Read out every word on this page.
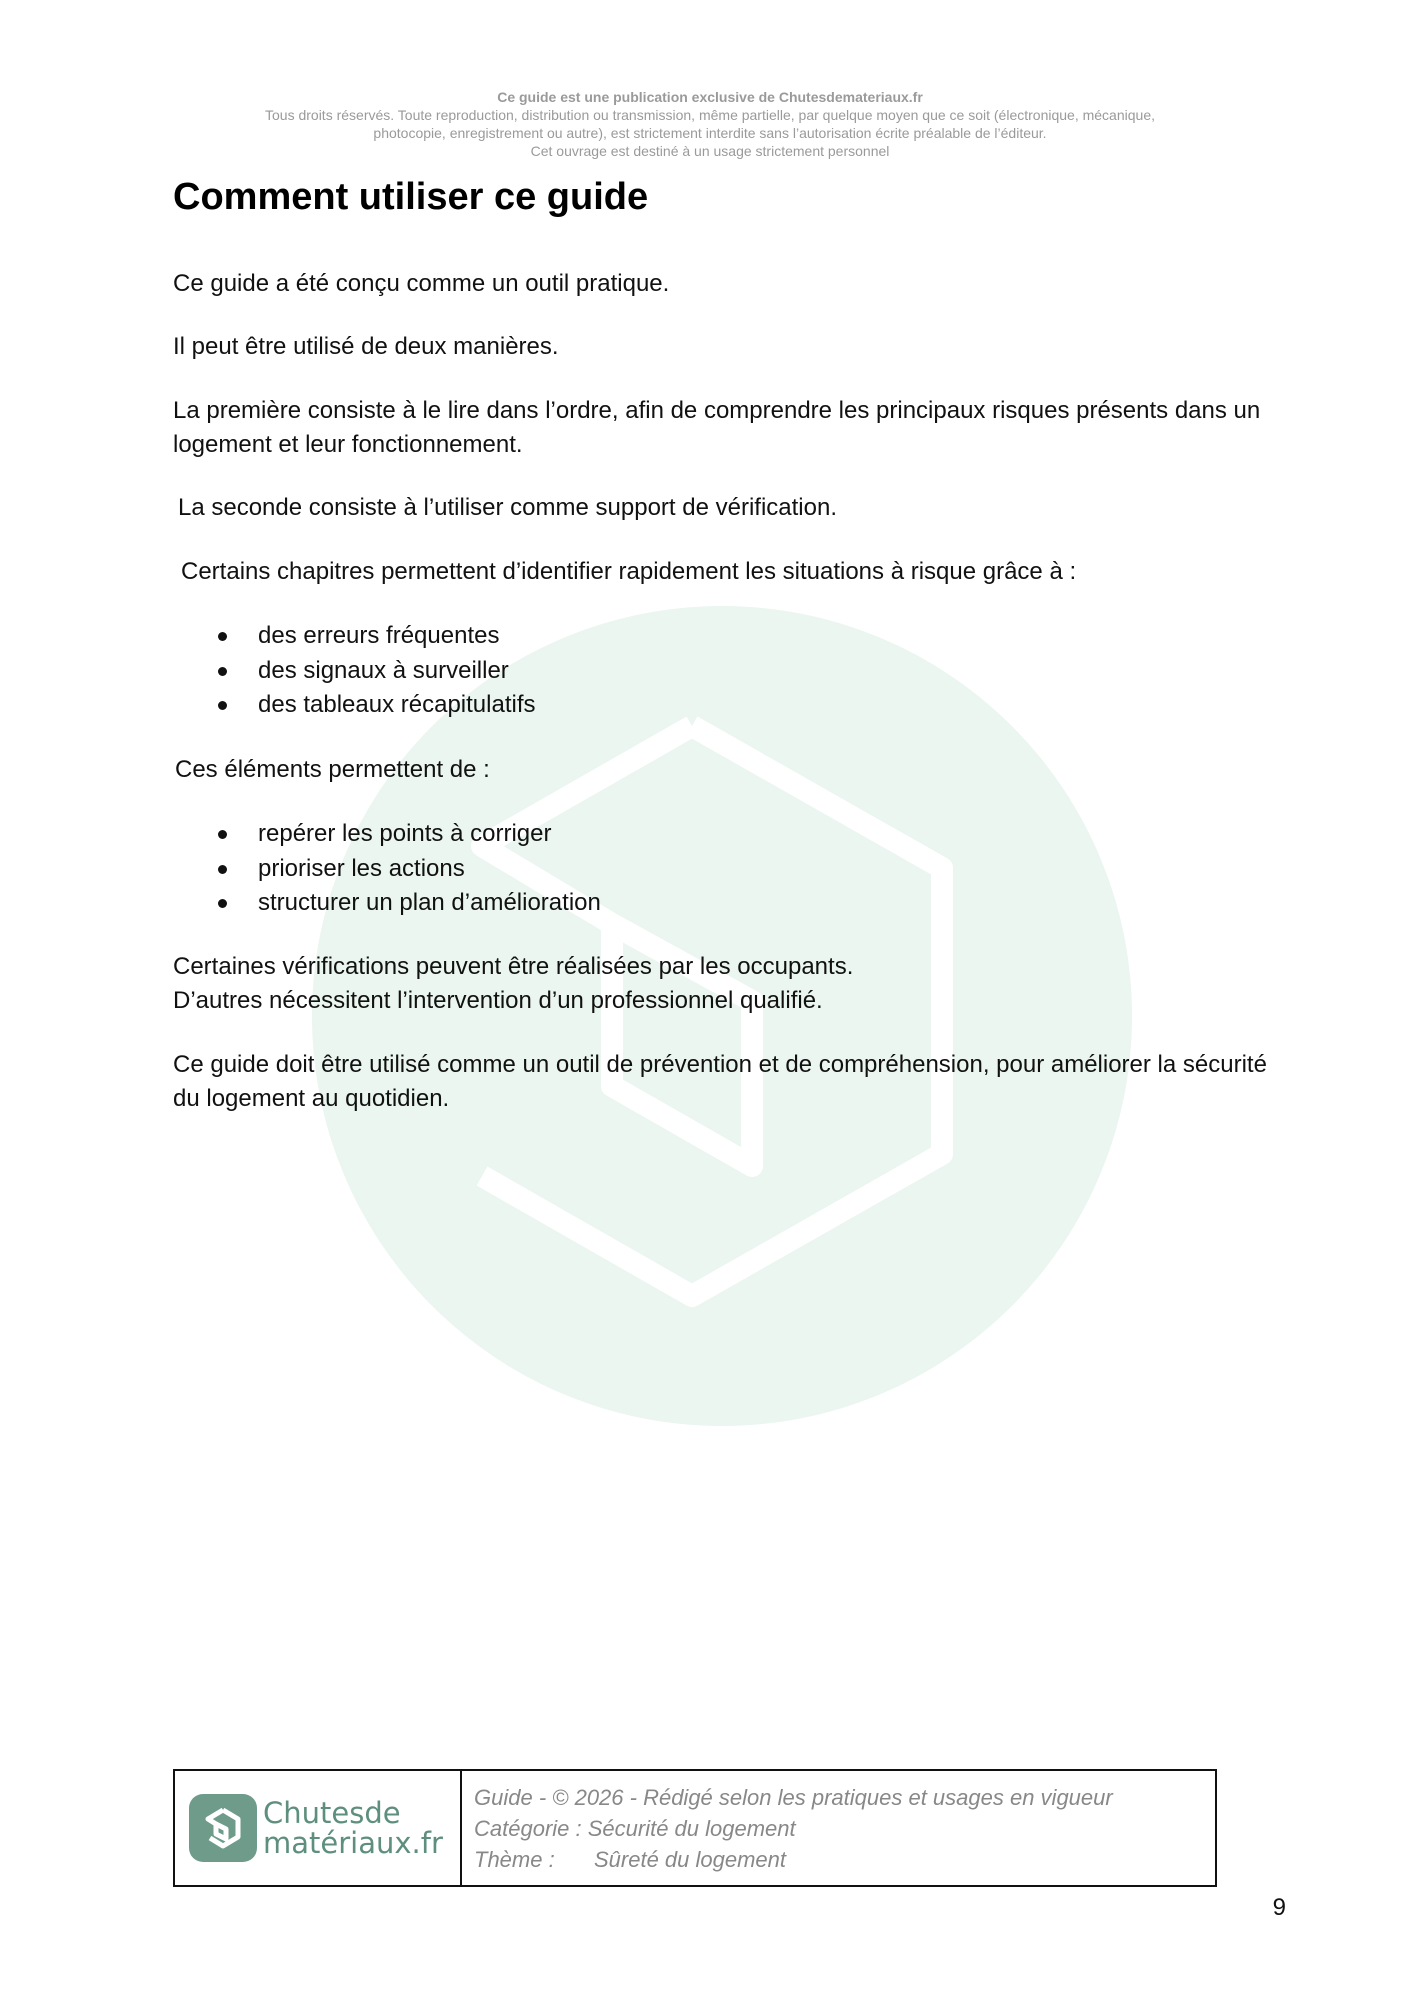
Ce guide est une publication exclusive de Chutesdemateriaux.fr

Tous droits réservés. Toute reproduction, distribution ou transmission, même partielle, par quelque moyen que ce soit (électronique, mécanique,

photocopie, enregistrement ou autre), est strictement interdite sans l’autorisation écrite préalable de l’éditeur.

Cet ouvrage est destiné à un usage strictement personnel

Comment utiliser ce guide

Ce guide a été conçu comme un outil pratique.

Il peut être utilisé de deux manières.

La première consiste à le lire dans l’ordre, afin de comprendre les principaux risques présents dans un logement et leur fonctionnement.

La seconde consiste à l’utiliser comme support de vérification.

Certains chapitres permettent d’identifier rapidement les situations à risque grâce à :

des erreurs fréquentes
des signaux à surveiller
des tableaux récapitulatifs

Ces éléments permettent de :

repérer les points à corriger
prioriser les actions
structurer un plan d’amélioration

Certaines vérifications peuvent être réalisées par les occupants.

D’autres nécessitent l’intervention d’un professionnel qualifié.

Ce guide doit être utilisé comme un outil de prévention et de compréhension, pour améliorer la sécurité du logement au quotidien.

Chutesde
matériaux.fr
Guide - © 2026 - Rédigé selon les pratiques et usages en vigueur
Catégorie : Sécurité du logement
Thème : Sûreté du logement
9
